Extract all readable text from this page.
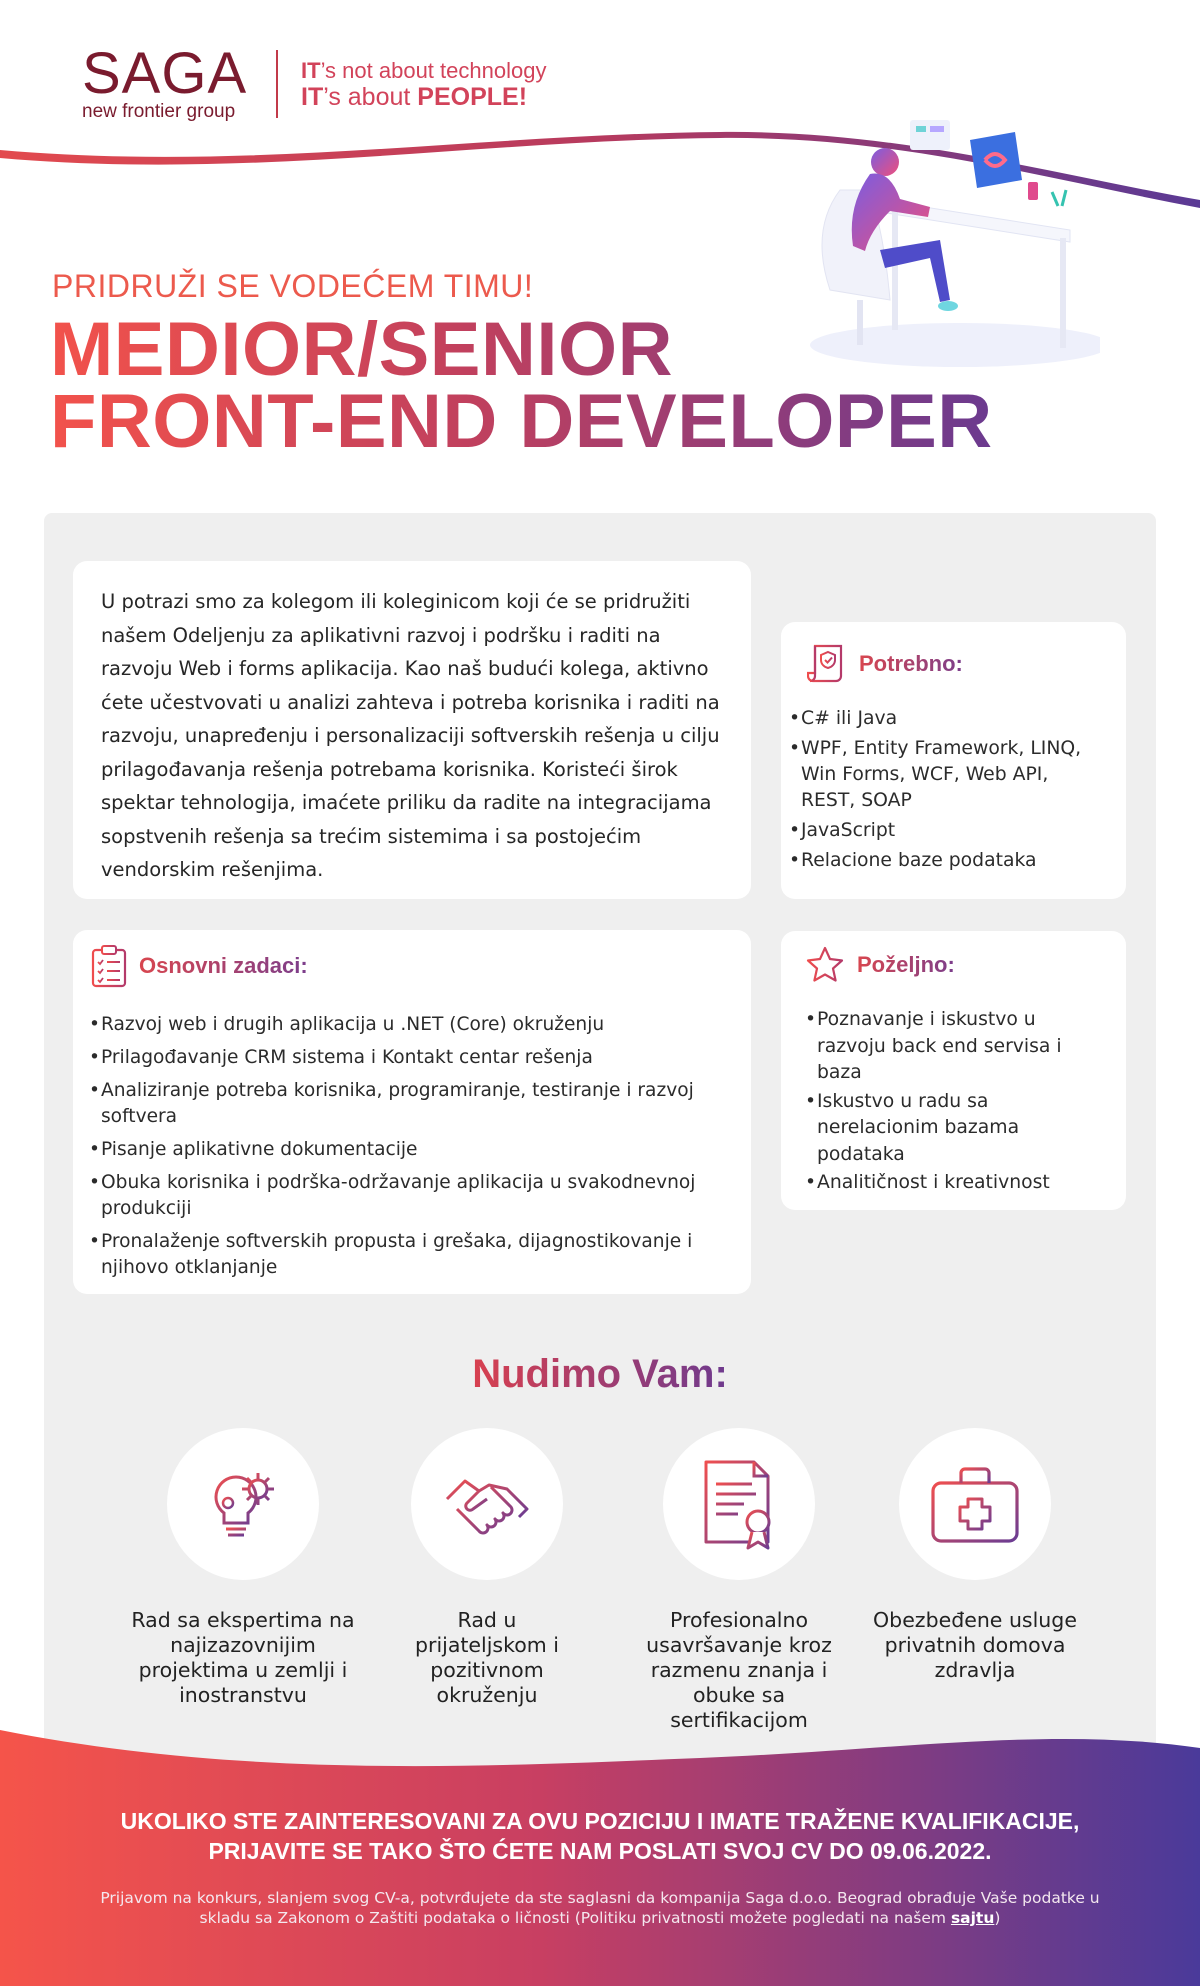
SAGA
new frontier group
IT’s not about technology
IT’s about PEOPLE!
PRIDRUŽI SE VODEĆEM TIMU!
MEDIOR/SENIOR
FRONT-END DEVELOPER

U potrazi smo za kolegom ili koleginicom koji će se pridružiti našem Odeljenju za aplikativni razvoj i podršku i raditi na razvoju Web i forms aplikacija. Kao naš budući kolega, aktivno ćete učestvovati u analizi zahteva i potreba korisnika i raditi na razvoju, unapređenju i personalizaciji softverskih rešenja u cilju prilagođavanja rešenja potrebama korisnika. Koristeći širok spektar tehnologija, imaćete priliku da radite na integracijama sopstvenih rešenja sa trećim sistemima i sa postojećim vendorskim rešenjima.

Potrebno:
• C# ili Java
• WPF, Entity Framework, LINQ, Win Forms, WCF, Web API, REST, SOAP
• JavaScript
• Relacione baze podataka
Osnovni zadaci:
• Razvoj web i drugih aplikacija u .NET (Core) okruženju
• Prilagođavanje CRM sistema i Kontakt centar rešenja
• Analiziranje potreba korisnika, programiranje, testiranje i razvoj softvera
• Pisanje aplikativne dokumentacije
• Obuka korisnika i podrška-održavanje aplikacija u svakodnevnoj produkciji
• Pronalaženje softverskih propusta i grešaka, dijagnostikovanje i njihovo otklanjanje
Poželjno:
• Poznavanje i iskustvo u razvoju back end servisa i baza
• Iskustvo u radu sa nerelacionim bazama podataka
• Analitičnost i kreativnost
Nudimo Vam:
Rad sa ekspertima na najizazovnijim projektima u zemlji i inostranstvu
Rad u prijateljskom i pozitivnom okruženju
Profesionalno usavršavanje kroz razmenu znanja i obuke sa sertifikacijom
Obezbeđene usluge privatnih domova zdravlja
UKOLIKO STE ZAINTERESOVANI ZA OVU POZICIJU I IMATE TRAŽENE KVALIFIKACIJE,
PRIJAVITE SE TAKO ŠTO ĆETE NAM POSLATI SVOJ CV DO 09.06.2022.
Prijavom na konkurs, slanjem svog CV-a, potvrđujete da ste saglasni da kompanija Saga d.o.o. Beograd obrađuje Vaše podatke u skladu sa Zakonom o Zaštiti podataka o ličnosti (Politiku privatnosti možete pogledati na našem sajtu)
